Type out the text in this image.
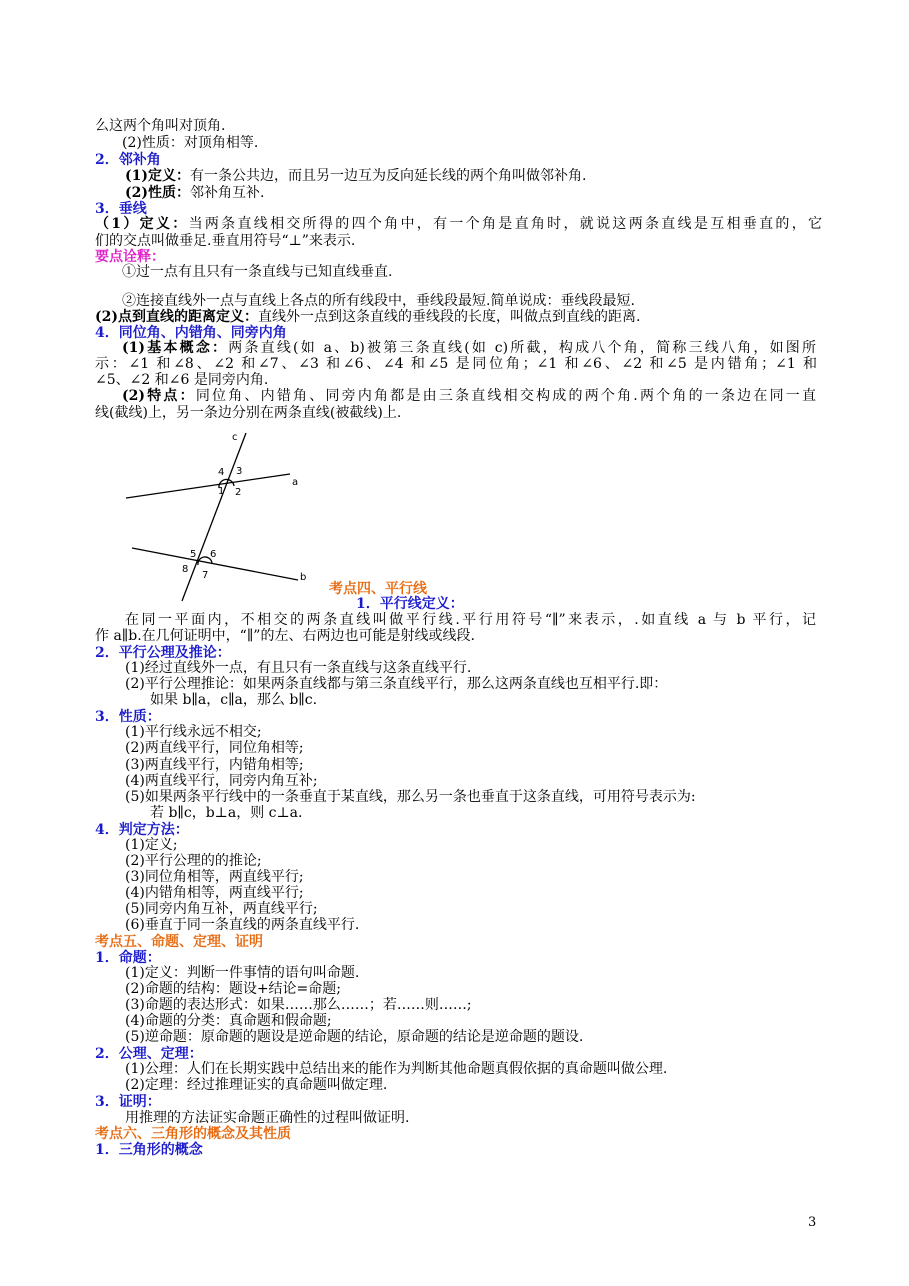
么这两个角叫对顶角.
(2)性质：对顶角相等.
2．邻补角
(1)定义：有一条公共边，而且另一边互为反向延长线的两个角叫做邻补角.
(2)性质：邻补角互补.
3．垂线
（1）定义：当两条直线相交所得的四个角中，有一个角是直角时，就说这两条直线是互相垂直的，它
们的交点叫做垂足.垂直用符号“⊥”来表示.
要点诠释：
①过一点有且只有一条直线与已知直线垂直.
②连接直线外一点与直线上各点的所有线段中，垂线段最短.简单说成：垂线段最短.
(2)点到直线的距离定义：直线外一点到这条直线的垂线段的长度，叫做点到直线的距离.
4．同位角、内错角、同旁内角
(1)基本概念：两条直线(如 a、b)被第三条直线(如 c)所截，构成八个角，简称三线八角，如图所
示：∠1 和∠8、∠2 和∠7、∠3 和∠6、∠4 和∠5 是同位角；∠1 和∠6、∠2 和∠5 是内错角；∠1 和
∠5、∠2 和∠6 是同旁内角.
(2)特点：同位角、内错角、同旁内角都是由三条直线相交构成的两个角.两个角的一条边在同一直
线(截线)上，另一条边分别在两条直线(被截线)上.
c
a
b
4 3
1 2
5 6
8
7
考点四、平行线
1．平行线定义：
在同一平面内，不相交的两条直线叫做平行线.平行用符号“∥”来表示，.如直线 a 与 b 平行，记
作 a∥b.在几何证明中，“∥”的左、右两边也可能是射线或线段.
2．平行公理及推论：
(1)经过直线外一点，有且只有一条直线与这条直线平行.
(2)平行公理推论：如果两条直线都与第三条直线平行，那么这两条直线也互相平行.即：
如果 b∥a，c∥a，那么 b∥c.
3．性质：
(1)平行线永远不相交;
(2)两直线平行，同位角相等;
(3)两直线平行，内错角相等;
(4)两直线平行，同旁内角互补;
(5)如果两条平行线中的一条垂直于某直线，那么另一条也垂直于这条直线，可用符号表示为:
若 b∥c，b⊥a，则 c⊥a.
4．判定方法：
(1)定义;
(2)平行公理的的推论;
(3)同位角相等，两直线平行;
(4)内错角相等，两直线平行;
(5)同旁内角互补，两直线平行;
(6)垂直于同一条直线的两条直线平行.
考点五、命题、定理、证明
1．命题：
(1)定义：判断一件事情的语句叫命题.
(2)命题的结构：题设+结论=命题;
(3)命题的表达形式：如果……那么……；若……则……;
(4)命题的分类：真命题和假命题;
(5)逆命题：原命题的题设是逆命题的结论，原命题的结论是逆命题的题设.
2．公理、定理：
(1)公理：人们在长期实践中总结出来的能作为判断其他命题真假依据的真命题叫做公理.
(2)定理：经过推理证实的真命题叫做定理.
3．证明：
用推理的方法证实命题正确性的过程叫做证明.
考点六、三角形的概念及其性质
1．三角形的概念
3
